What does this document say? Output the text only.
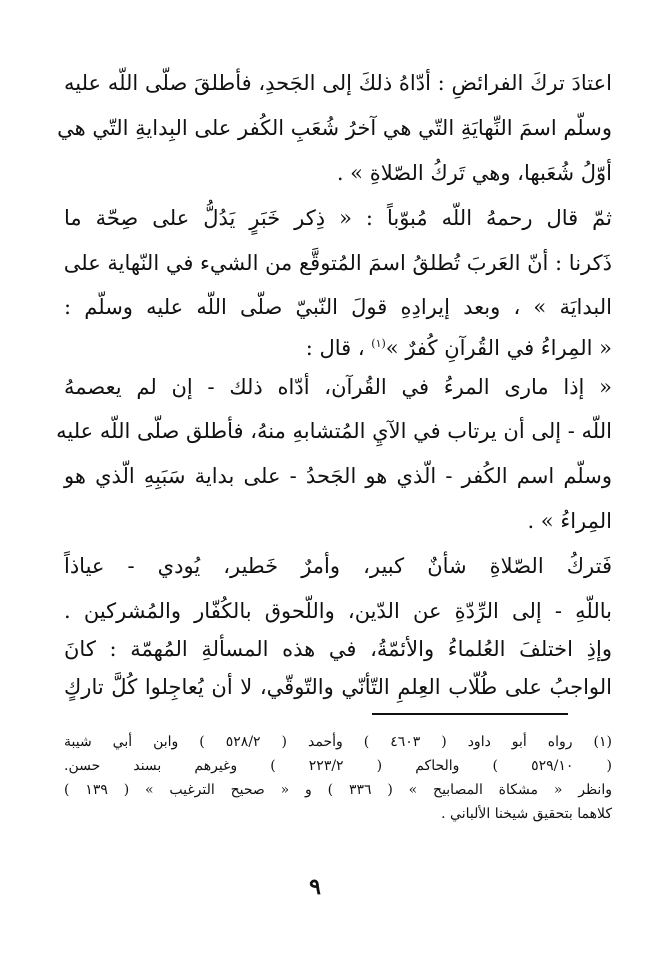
اعتادَ تركَ الفرائضِ : أدّاهُ ذلكَ إلى الجَحدِ، فأطلقَ صلّى اللّه عليه
وسلّم اسمَ النِّهايَةِ التّي هي آخرُ شُعَبِ الكُفر على البِدايةِ التّي هي
أوّلُ شُعَبها، وهي تَركُ الصّلاةِ » .
ثمّ قال رحمهُ اللّه مُبوّباً : « ذِكر خَبَرٍ يَدُلُّ على صِحّة ما
ذَكرنا : أنّ العَربَ تُطلقُ اسمَ المُتوقَّع من الشيء في النّهاية على
البدايَة » ، وبعد إيرادِهِ قولَ النّبيّ صلّى اللّه عليه وسلّم :
« المِراءُ في القُرآنِ كُفرٌ »$^{(١)}$ ، قال :
« إذا مارى المرءُ في القُرآن، أدّاه ذلك - إن لم يعصمهُ
اللّه - إلى أن يرتاب في الآيِ المُتشابهِ منهُ، فأطلق صلّى اللّه عليه
وسلّم اسم الكُفر - الّذي هو الجَحدُ - على بداية سَبَبِهِ الّذي هو
المِراءُ » .
فَتركُ الصّلاةِ شأنٌ كبير، وأمرٌ خَطير، يُودي - عياذاً
باللّهِ - إلى الرِّدّةِ عن الدّين، واللّحوق بالكُفّار والمُشركين .
وإذِ اختلفَ العُلماءُ والأئمّةُ، في هذه المسألةِ المُهمّة : كانَ
الواجبُ على طُلّاب العِلمِ التّأنّي والتّوقّي، لا أن يُعاجِلوا كُلَّ تاركٍ
(١) رواه أبو داود ( ٤٦٠٣ ) وأحمد ( ٥٢٨/٢ ) وابن أبي شيبة
( ٥٢٩/١٠ ) والحاكم ( ٢٢٣/٢ ) وغيرهم بسند حسن.
وانظر « مشكاة المصابيح » ( ٣٣٦ ) و « صحيح الترغيب » ( ١٣٩ )
كلاهما بتحقيق شيخنا الألباني .
٩
